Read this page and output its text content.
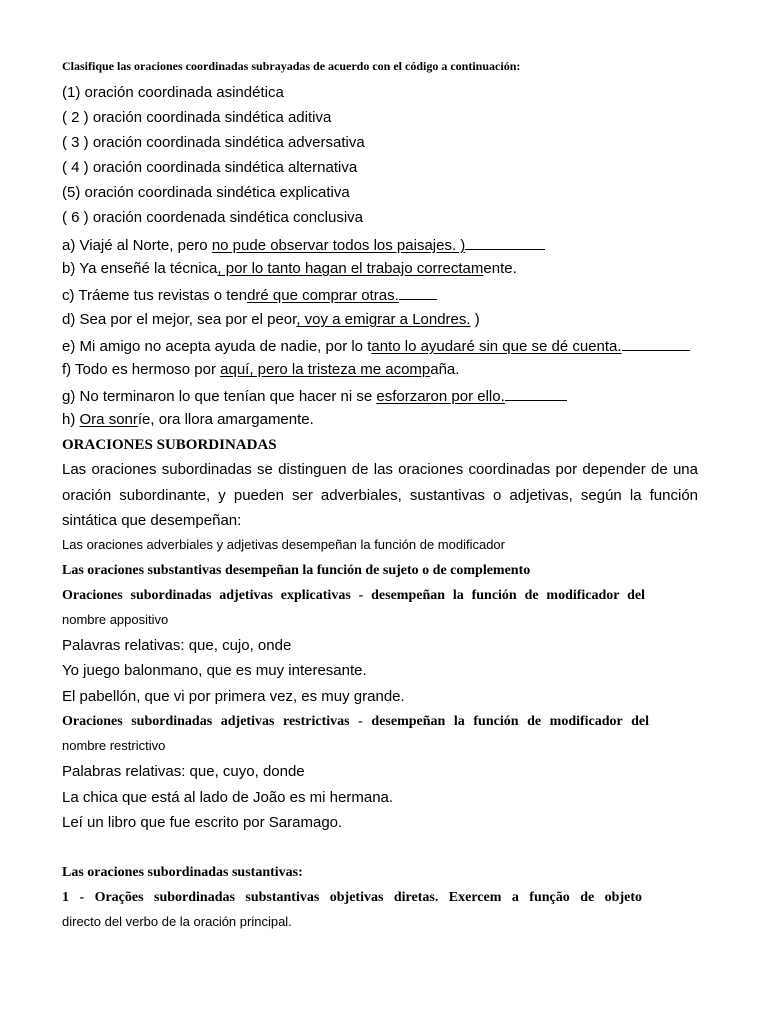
Clasifique las oraciones coordinadas subrayadas de acuerdo con el código a continuación:
(1) oración coordinada asindética
( 2 ) oración coordinada sindética aditiva
( 3 ) oración coordinada sindética adversativa
( 4 ) oración coordinada sindética alternativa
(5) oración coordinada sindética explicativa
( 6 ) oración coordenada sindética conclusiva
a) Viajé al Norte, pero no pude observar todos los paisajes. )
b) Ya enseñé la técnica, por lo tanto hagan el trabajo correctamente.
c) Tráeme tus revistas o tendré que comprar otras.
d) Sea por el mejor, sea por el peor, voy a emigrar a Londres. )
e) Mi amigo no acepta ayuda de nadie, por lo tanto lo ayudaré sin que se dé cuenta.
f) Todo es hermoso por aquí, pero la tristeza me acompaña.
g) No terminaron lo que tenían que hacer ni se esforzaron por ello.
h) Ora sonríe, ora llora amargamente.
ORACIONES SUBORDINADAS
Las oraciones subordinadas se distinguen de las oraciones coordinadas por depender de una
oración subordinante, y pueden ser adverbiales, sustantivas o adjetivas, según la función
sintática que desempeñan:
Las oraciones adverbiales y adjetivas desempeñan la función de modificador
Las oraciones substantivas desempeñan la función de sujeto o de complemento
Oraciones subordinadas adjetivas explicativas - desempeñan la función de modificador del
nombre appositivo
Palavras relativas: que, cujo, onde
Yo juego balonmano, que es muy interesante.
El pabellón, que vi por primera vez, es muy grande.
Oraciones subordinadas adjetivas restrictivas - desempeñan la función de modificador del
nombre restrictivo
Palabras relativas: que, cuyo, donde
La chica que está al lado de João es mi hermana.
Leí un libro que fue escrito por Saramago.
Las oraciones subordinadas sustantivas:
1 - Orações subordinadas substantivas objetivas diretas. Exercem a função de objeto
directo del verbo de la oración principal.
